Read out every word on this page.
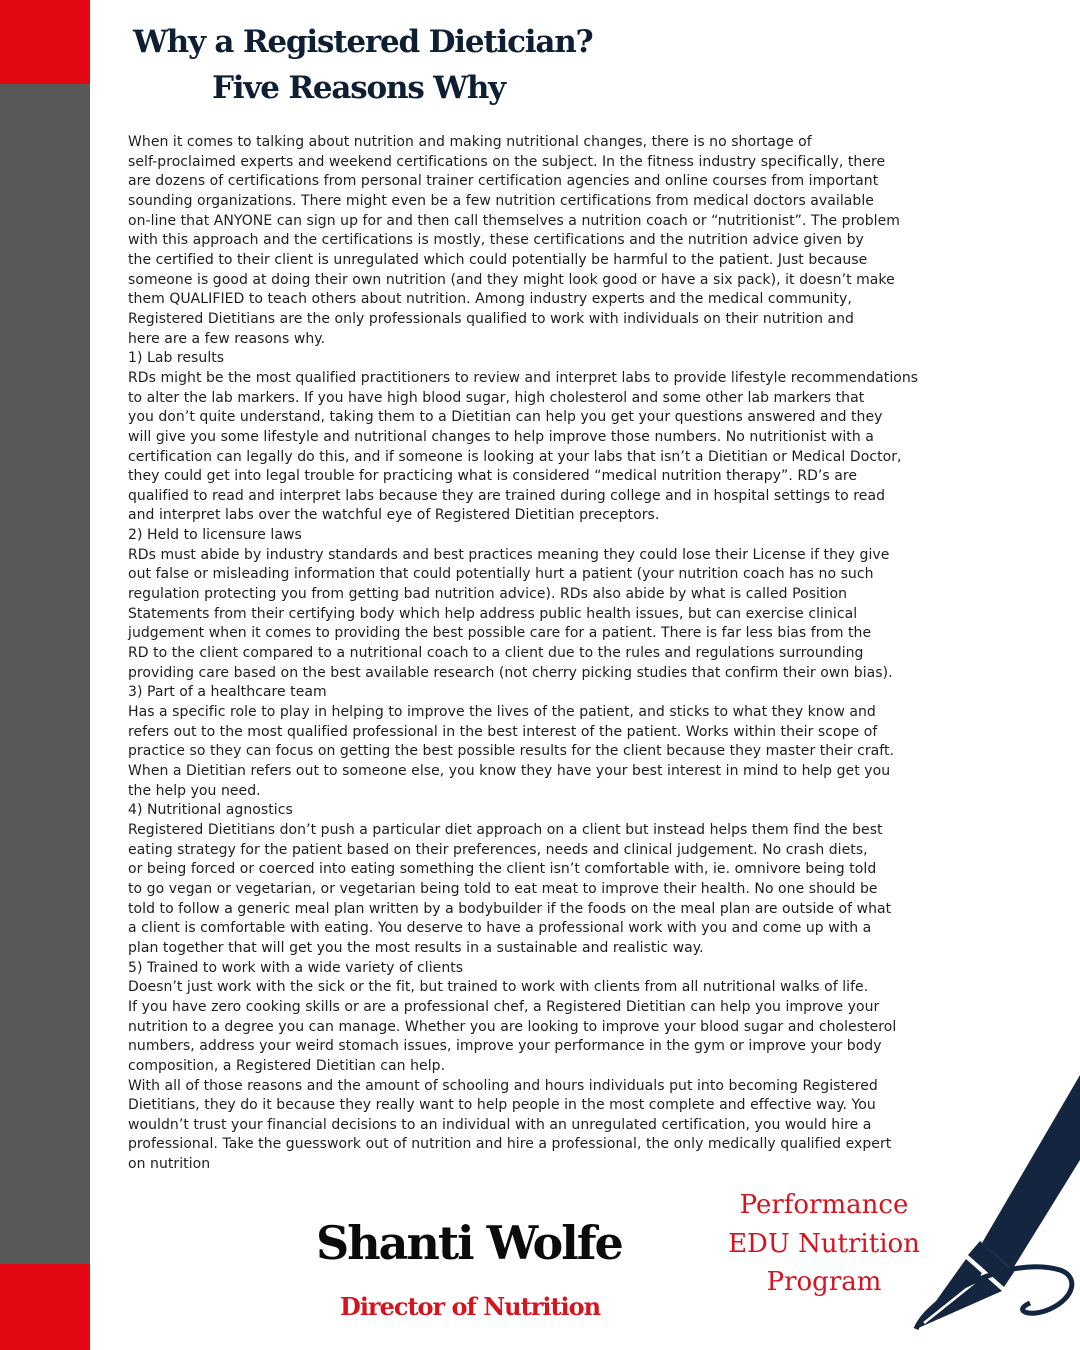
Why a Registered Dietician?
Five Reasons Why
When it comes to talking about nutrition and making nutritional changes, there is no shortage of
self-proclaimed experts and weekend certifications on the subject. In the fitness industry specifically, there
are dozens of certifications from personal trainer certification agencies and online courses from important
sounding organizations. There might even be a few nutrition certifications from medical doctors available
on-line that ANYONE can sign up for and then call themselves a nutrition coach or “nutritionist”. The problem
with this approach and the certifications is mostly, these certifications and the nutrition advice given by
the certified to their client is unregulated which could potentially be harmful to the patient. Just because
someone is good at doing their own nutrition (and they might look good or have a six pack), it doesn’t make
them QUALIFIED to teach others about nutrition. Among industry experts and the medical community,
Registered Dietitians are the only professionals qualified to work with individuals on their nutrition and
here are a few reasons why.
1) Lab results
RDs might be the most qualified practitioners to review and interpret labs to provide lifestyle recommendations
to alter the lab markers. If you have high blood sugar, high cholesterol and some other lab markers that
you don’t quite understand, taking them to a Dietitian can help you get your questions answered and they
will give you some lifestyle and nutritional changes to help improve those numbers. No nutritionist with a
certification can legally do this, and if someone is looking at your labs that isn’t a Dietitian or Medical Doctor,
they could get into legal trouble for practicing what is considered “medical nutrition therapy”. RD’s are
qualified to read and interpret labs because they are trained during college and in hospital settings to read
and interpret labs over the watchful eye of Registered Dietitian preceptors.
2) Held to licensure laws
RDs must abide by industry standards and best practices meaning they could lose their License if they give
out false or misleading information that could potentially hurt a patient (your nutrition coach has no such
regulation protecting you from getting bad nutrition advice). RDs also abide by what is called Position
Statements from their certifying body which help address public health issues, but can exercise clinical
judgement when it comes to providing the best possible care for a patient. There is far less bias from the
RD to the client compared to a nutritional coach to a client due to the rules and regulations surrounding
providing care based on the best available research (not cherry picking studies that confirm their own bias).
3) Part of a healthcare team
Has a specific role to play in helping to improve the lives of the patient, and sticks to what they know and
refers out to the most qualified professional in the best interest of the patient. Works within their scope of
practice so they can focus on getting the best possible results for the client because they master their craft.
When a Dietitian refers out to someone else, you know they have your best interest in mind to help get you
the help you need.
4) Nutritional agnostics
Registered Dietitians don’t push a particular diet approach on a client but instead helps them find the best
eating strategy for the patient based on their preferences, needs and clinical judgement. No crash diets,
or being forced or coerced into eating something the client isn’t comfortable with, ie. omnivore being told
to go vegan or vegetarian, or vegetarian being told to eat meat to improve their health. No one should be
told to follow a generic meal plan written by a bodybuilder if the foods on the meal plan are outside of what
a client is comfortable with eating. You deserve to have a professional work with you and come up with a
plan together that will get you the most results in a sustainable and realistic way.
5) Trained to work with a wide variety of clients
Doesn’t just work with the sick or the fit, but trained to work with clients from all nutritional walks of life.
If you have zero cooking skills or are a professional chef, a Registered Dietitian can help you improve your
nutrition to a degree you can manage. Whether you are looking to improve your blood sugar and cholesterol
numbers, address your weird stomach issues, improve your performance in the gym or improve your body
composition, a Registered Dietitian can help.
With all of those reasons and the amount of schooling and hours individuals put into becoming Registered
Dietitians, they do it because they really want to help people in the most complete and effective way. You
wouldn’t trust your financial decisions to an individual with an unregulated certification, you would hire a
professional. Take the guesswork out of nutrition and hire a professional, the only medically qualified expert
on nutrition
Shanti Wolfe
Director of Nutrition
Performance
EDU Nutrition
Program
